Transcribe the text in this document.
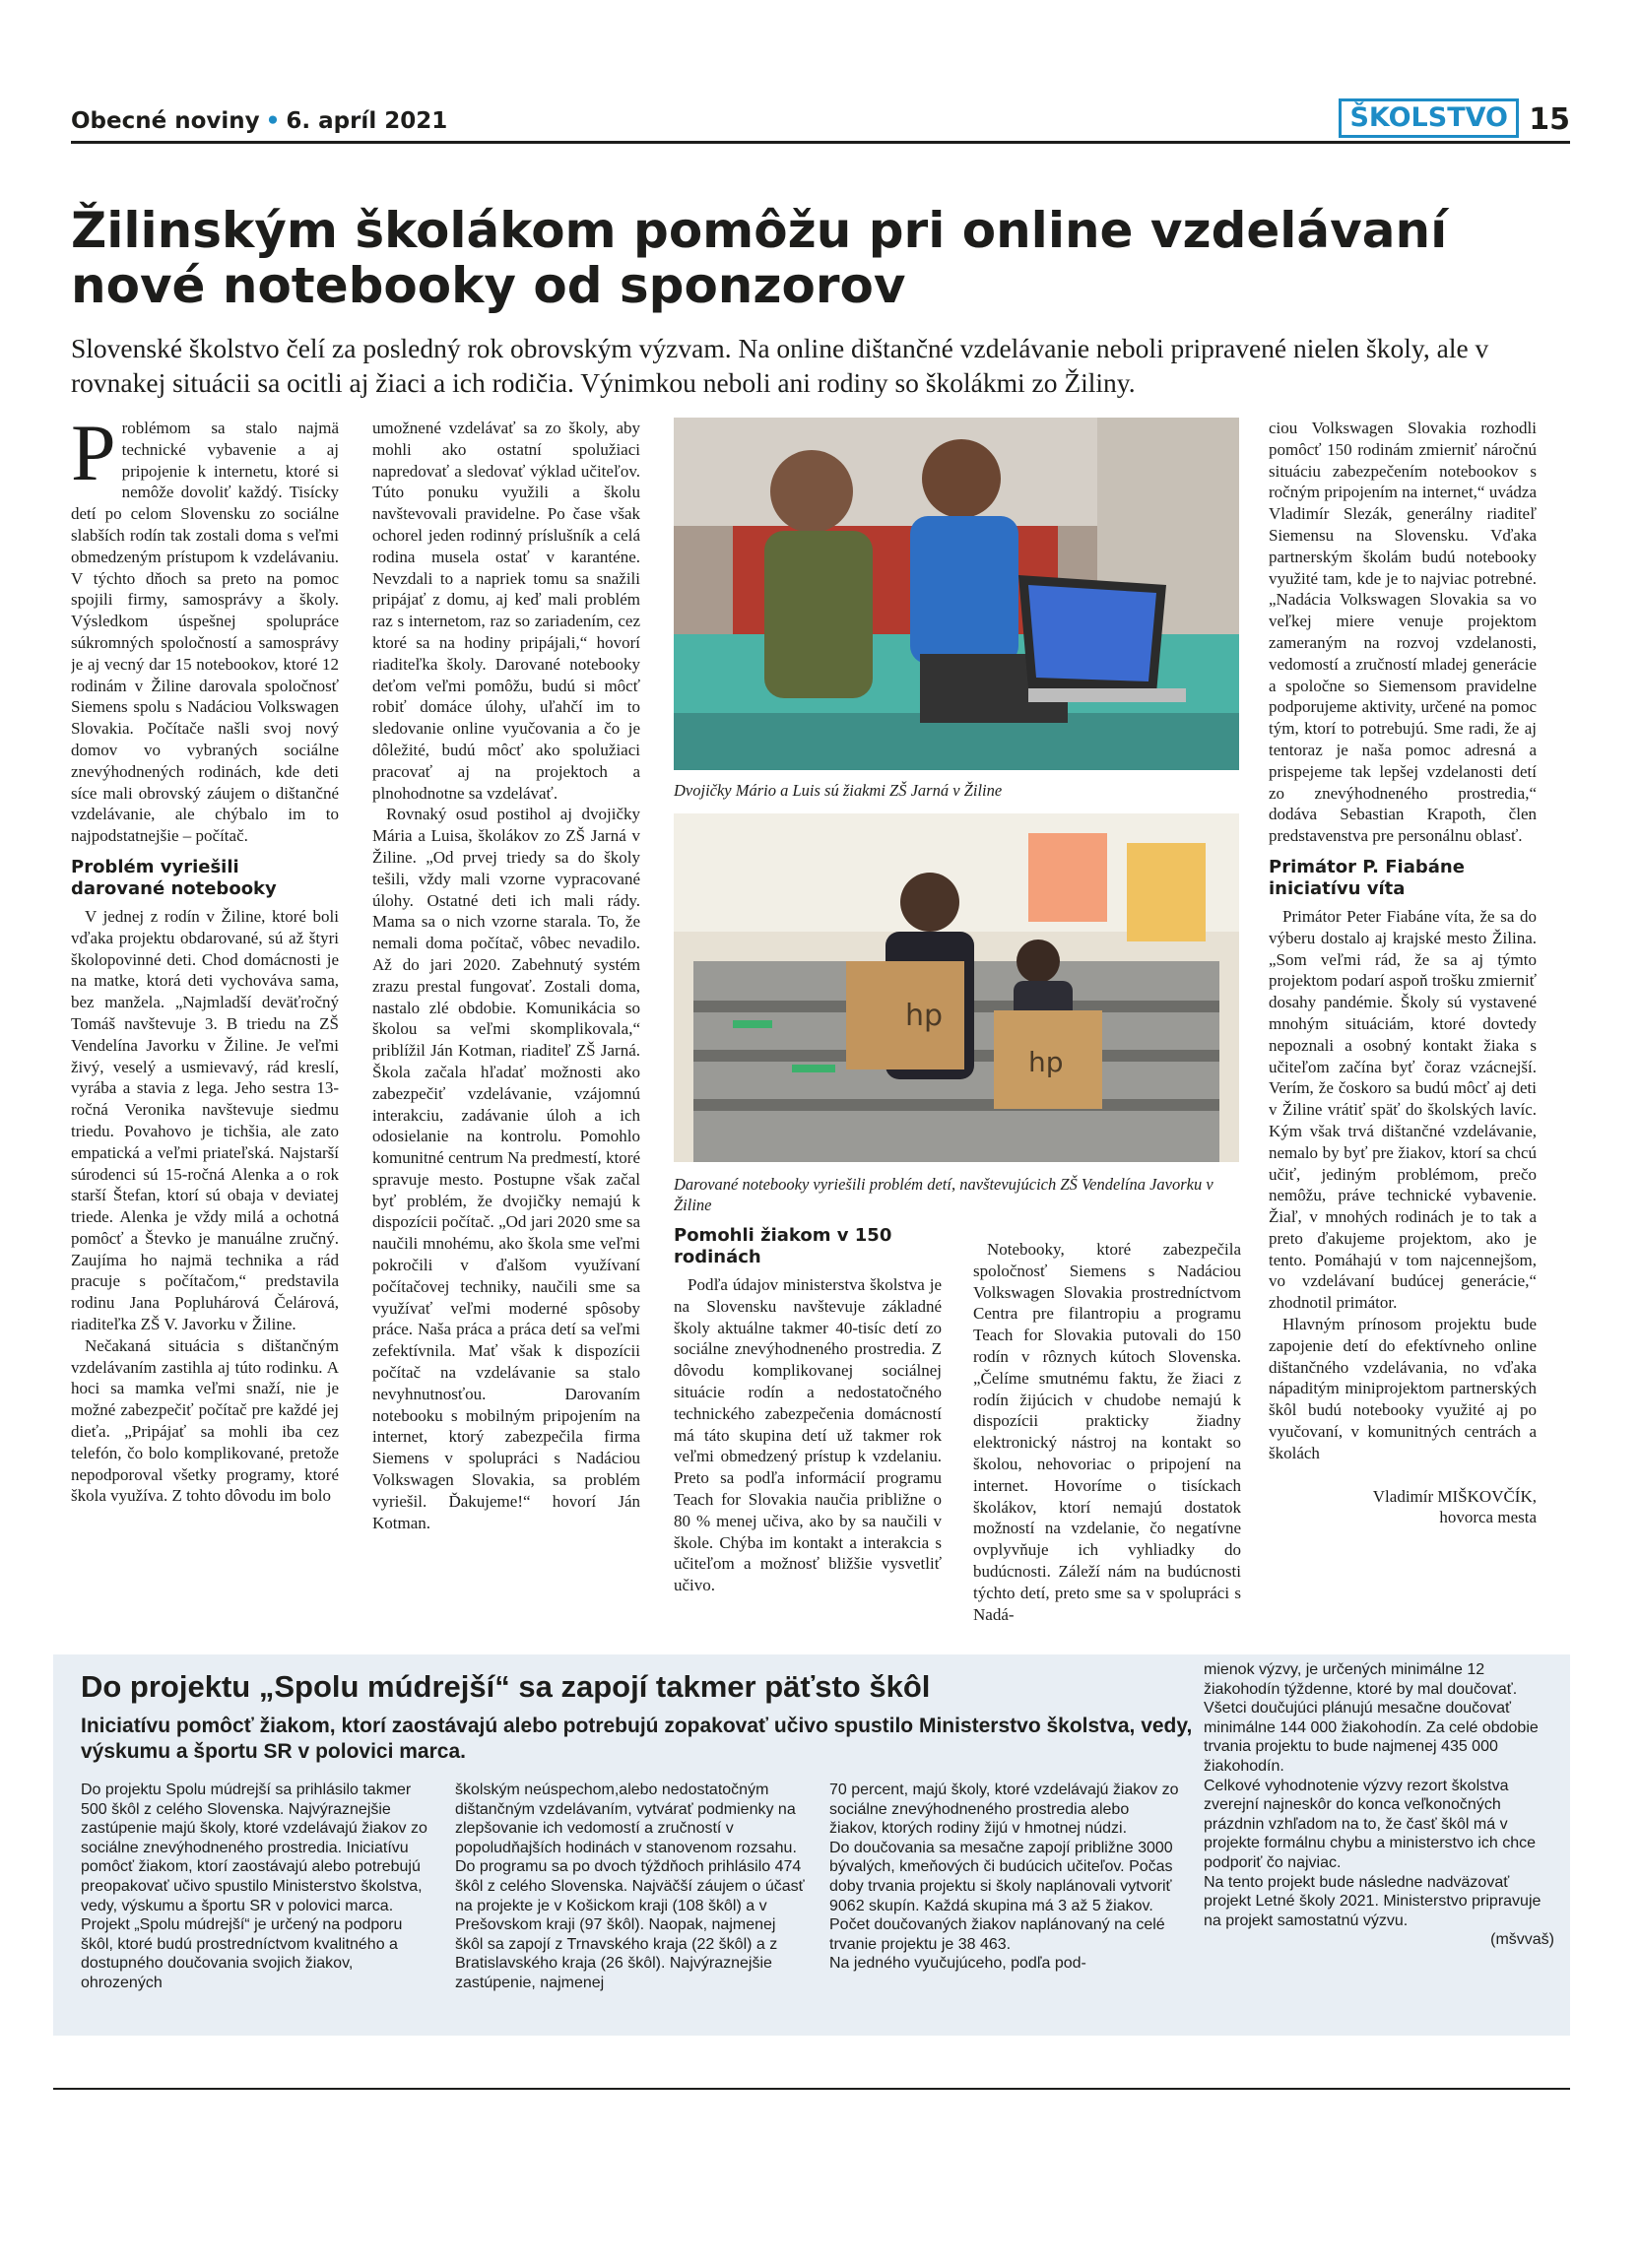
Obecné noviny • 6. apríl 2021	ŠKOLSTVO 15
Žilinským školákom pomôžu pri online vzdelávaní
nové notebooky od sponzorov

Slovenské školstvo čelí za posledný rok obrovským výzvam. Na online dištančné vzdelávanie neboli pripravené nielen školy, ale v rovnakej situácii sa ocitli aj žiaci a ich rodičia. Výnimkou neboli ani rodiny so školákmi zo Žiliny.

Problémom sa stalo najmä technické vybavenie a aj pripojenie k internetu, ktoré si nemôže dovoliť každý. Tisícky detí po celom Slovensku zo sociálne slabších rodín tak zostali doma s veľmi obmedzeným prístupom k vzdelávaniu. V týchto dňoch sa preto na pomoc spojili firmy, samosprávy a školy. Výsledkom úspešnej spolupráce súkromných spoločností a samosprávy je aj vecný dar 15 notebookov, ktoré 12 rodinám v Žiline darovala spoločnosť Siemens spolu s Nadáciou Volkswagen Slovakia. Počítače našli svoj nový domov vo vybraných sociálne znevýhodnených rodinách, kde deti síce mali obrovský záujem o dištančné vzdelávanie, ale chýbalo im to najpodstatnejšie – počítač.

Problém vyriešili darované notebooky

V jednej z rodín v Žiline, ktoré boli vďaka projektu obdarované, sú až štyri školopovinné deti. Chod domácnosti je na matke, ktorá deti vychováva sama, bez manžela. „Najmladší deväťročný Tomáš navštevuje 3. B triedu na ZŠ Vendelína Javorku v Žiline. Je veľmi živý, veselý a usmievavý, rád kreslí, vyrába a stavia z lega. Jeho sestra 13-ročná Veronika navštevuje siedmu triedu. Povahovo je tichšia, ale zato empatická a veľmi priateľská. Najstarší súrodenci sú 15-ročná Alenka a o rok starší Štefan, ktorí sú obaja v deviatej triede. Alenka je vždy milá a ochotná pomôcť a Števko je manuálne zručný. Zaujíma ho najmä technika a rád pracuje s počítačom,“ predstavila rodinu Jana Popluhárová Čelárová, riaditeľka ZŠ V. Javorku v Žiline.

Nečakaná situácia s dištančným vzdelávaním zastihla aj túto rodinku. A hoci sa mamka veľmi snaží, nie je možné zabezpečiť počítač pre každé jej dieťa. „Pripájať sa mohli iba cez telefón, čo bolo komplikované, pretože nepodporoval všetky programy, ktoré škola využíva. Z tohto dôvodu im bolo

umožnené vzdelávať sa zo školy, aby mohli ako ostatní spolužiaci napredovať a sledovať výklad učiteľov. Túto ponuku využili a školu navštevovali pravidelne. Po čase však ochorel jeden rodinný príslušník a celá rodina musela ostať v karanténe. Nevzdali to a napriek tomu sa snažili pripájať z domu, aj keď mali problém raz s internetom, raz so zariadením, cez ktoré sa na hodiny pripájali,“ hovorí riaditeľka školy. Darované notebooky deťom veľmi pomôžu, budú si môcť robiť domáce úlohy, uľahčí im to sledovanie online vyučovania a čo je dôležité, budú môcť ako spolužiaci pracovať aj na projektoch a plnohodnotne sa vzdelávať.

Rovnaký osud postihol aj dvojičky Mária a Luisa, školákov zo ZŠ Jarná v Žiline. „Od prvej triedy sa do školy tešili, vždy mali vzorne vypracované úlohy. Ostatné deti ich mali rády. Mama sa o nich vzorne starala. To, že nemali doma počítač, vôbec nevadilo. Až do jari 2020. Zabehnutý systém zrazu prestal fungovať. Zostali doma, nastalo zlé obdobie. Komunikácia so školou sa veľmi skomplikovala,“ priblížil Ján Kotman, riaditeľ ZŠ Jarná. Škola začala hľadať možnosti ako zabezpečiť vzdelávanie, vzájomnú interakciu, zadávanie úloh a ich odosielanie na kontrolu. Pomohlo komunitné centrum Na predmestí, ktoré spravuje mesto. Postupne však začal byť problém, že dvojičky nemajú k dispozícii počítač. „Od jari 2020 sme sa naučili mnohému, ako škola sme veľmi pokročili v ďalšom využívaní počítačovej techniky, naučili sme sa využívať veľmi moderné spôsoby práce. Naša práca a práca detí sa veľmi zefektívnila. Mať však k dispozícii počítač na vzdelávanie sa stalo nevyhnutnosťou. Darovaním notebooku s mobilným pripojením na internet, ktorý zabezpečila firma Siemens v spolupráci s Nadáciou Volkswagen Slovakia, sa problém vyriešil. Ďakujeme!“ hovorí Ján Kotman.

Dvojičky Mário a Luis sú žiakmi ZŠ Jarná v Žiline

hp
hp

Darované notebooky vyriešili problém detí, navštevujúcich ZŠ Vendelína Javorku v Žiline

Pomohli žiakom v 150 rodinách

Podľa údajov ministerstva školstva je na Slovensku navštevuje základné školy aktuálne takmer 40-tisíc detí zo sociálne znevýhodneného prostredia. Z dôvodu komplikovanej sociálnej situácie rodín a nedostatočného technického zabezpečenia domácností má táto skupina detí už takmer rok veľmi obmedzený prístup k vzdelaniu. Preto sa podľa informácií programu Teach for Slovakia naučia približne o 80 % menej učiva, ako by sa naučili v škole. Chýba im kontakt a interakcia s učiteľom a možnosť bližšie vysvetliť učivo.

Notebooky, ktoré zabezpečila spoločnosť Siemens s Nadáciou Volkswagen Slovakia prostredníctvom Centra pre filantropiu a programu Teach for Slovakia putovali do 150 rodín v rôznych kútoch Slovenska. „Čelíme smutnému faktu, že žiaci z rodín žijúcich v chudobe nemajú k dispozícii prakticky žiadny elektronický nástroj na kontakt so školou, nehovoriac o pripojení na internet. Hovoríme o tisíckach školákov, ktorí nemajú dostatok možností na vzdelanie, čo negatívne ovplyvňuje ich vyhliadky do budúcnosti. Záleží nám na budúcnosti týchto detí, preto sme sa v spolupráci s Nadá-

ciou Volkswagen Slovakia rozhodli pomôcť 150 rodinám zmierniť náročnú situáciu zabezpečením notebookov s ročným pripojením na internet,“ uvádza Vladimír Slezák, generálny riaditeľ Siemensu na Slovensku. Vďaka partnerským školám budú notebooky využité tam, kde je to najviac potrebné. „Nadácia Volkswagen Slovakia sa vo veľkej miere venuje projektom zameraným na rozvoj vzdelanosti, vedomostí a zručností mladej generácie a spoločne so Siemensom pravidelne podporujeme aktivity, určené na pomoc tým, ktorí to potrebujú. Sme radi, že aj tentoraz je naša pomoc adresná a prispejeme tak lepšej vzdelanosti detí zo znevýhodneného prostredia,“ dodáva Sebastian Krapoth, člen predstavenstva pre personálnu oblasť.

Primátor P. Fiabáne iniciatívu víta

Primátor Peter Fiabáne víta, že sa do výberu dostalo aj krajské mesto Žilina. „Som veľmi rád, že sa aj týmto projektom podarí aspoň trošku zmierniť dosahy pandémie. Školy sú vystavené mnohým situáciám, ktoré dovtedy nepoznali a osobný kontakt žiaka s učiteľom začína byť čoraz vzácnejší. Verím, že čoskoro sa budú môcť aj deti v Žiline vrátiť späť do školských lavíc. Kým však trvá dištančné vzdelávanie, nemalo by byť pre žiakov, ktorí sa chcú učiť, jediným problémom, prečo nemôžu, práve technické vybavenie. Žiaľ, v mnohých rodinách je to tak a preto ďakujeme projektom, ako je tento. Pomáhajú v tom najcennejšom, vo vzdelávaní budúcej generácie,“ zhodnotil primátor.

Hlavným prínosom projektu bude zapojenie detí do efektívneho online dištančného vzdelávania, no vďaka nápaditým miniprojektom partnerských škôl budú notebooky využité aj po vyučovaní, v komunitných centrách a školách

Vladimír MIŠKOVČÍK,
hovorca mesta
Do projektu „Spolu múdrejší“ sa zapojí takmer päťsto škôl

Iniciatívu pomôcť žiakom, ktorí zaostávajú alebo potrebujú zopakovať učivo spustilo Ministerstvo školstva, vedy, výskumu a športu SR v polovici marca.

Do projektu Spolu múdrejší sa prihlásilo takmer 500 škôl z celého Slovenska. Najvýraznejšie zastúpenie majú školy, ktoré vzdelávajú žiakov zo sociálne znevýhodneného prostredia. Iniciatívu pomôcť žiakom, ktorí zaostávajú alebo potrebujú preopakovať učivo spustilo Ministerstvo školstva, vedy, výskumu a športu SR v polovici marca.

Projekt „Spolu múdrejší“ je určený na podporu škôl, ktoré budú prostredníctvom kvalitného a dostupného doučovania svojich žiakov, ohrozených

školským neúspechom,alebo nedostatočným dištančným vzdelávaním, vytvárať podmienky na zlepšovanie ich vedomostí a zručností v popoludňajších hodinách v stanovenom rozsahu.

Do programu sa po dvoch týždňoch prihlásilo 474 škôl z celého Slovenska. Najväčší záujem o účasť na projekte je v Košickom kraji (108 škôl) a v Prešovskom kraji (97 škôl). Naopak, najmenej škôl sa zapojí z Trnavského kraja (22 škôl) a z Bratislavského kraja (26 škôl). Najvýraznejšie zastúpenie, najmenej

70 percent, majú školy, ktoré vzdelávajú žiakov zo sociálne znevýhodneného prostredia alebo žiakov, ktorých rodiny žijú v hmotnej núdzi.

Do doučovania sa mesačne zapojí približne 3000 bývalých, kmeňových či budúcich učiteľov. Počas doby trvania projektu si školy naplánovali vytvoriť 9062 skupín. Každá skupina má 3 až 5 žiakov. Počet doučovaných žiakov naplánovaný na celé trvanie projektu je 38 463.

Na jedného vyučujúceho, podľa pod-

mienok výzvy, je určených minimálne 12 žiakohodín týždenne, ktoré by mal doučovať. Všetci doučujúci plánujú mesačne doučovať minimálne 144 000 žiakohodín. Za celé obdobie trvania projektu to bude najmenej 435 000 žiakohodín.

Celkové vyhodnotenie výzvy rezort školstva zverejní najneskôr do konca veľkonočných prázdnin vzhľadom na to, že časť škôl má v projekte formálnu chybu a ministerstvo ich chce podporiť čo najviac.

Na tento projekt bude následne nadväzovať projekt Letné školy 2021. Ministerstvo pripravuje na projekt samostatnú výzvu.

(mšvvaš)
